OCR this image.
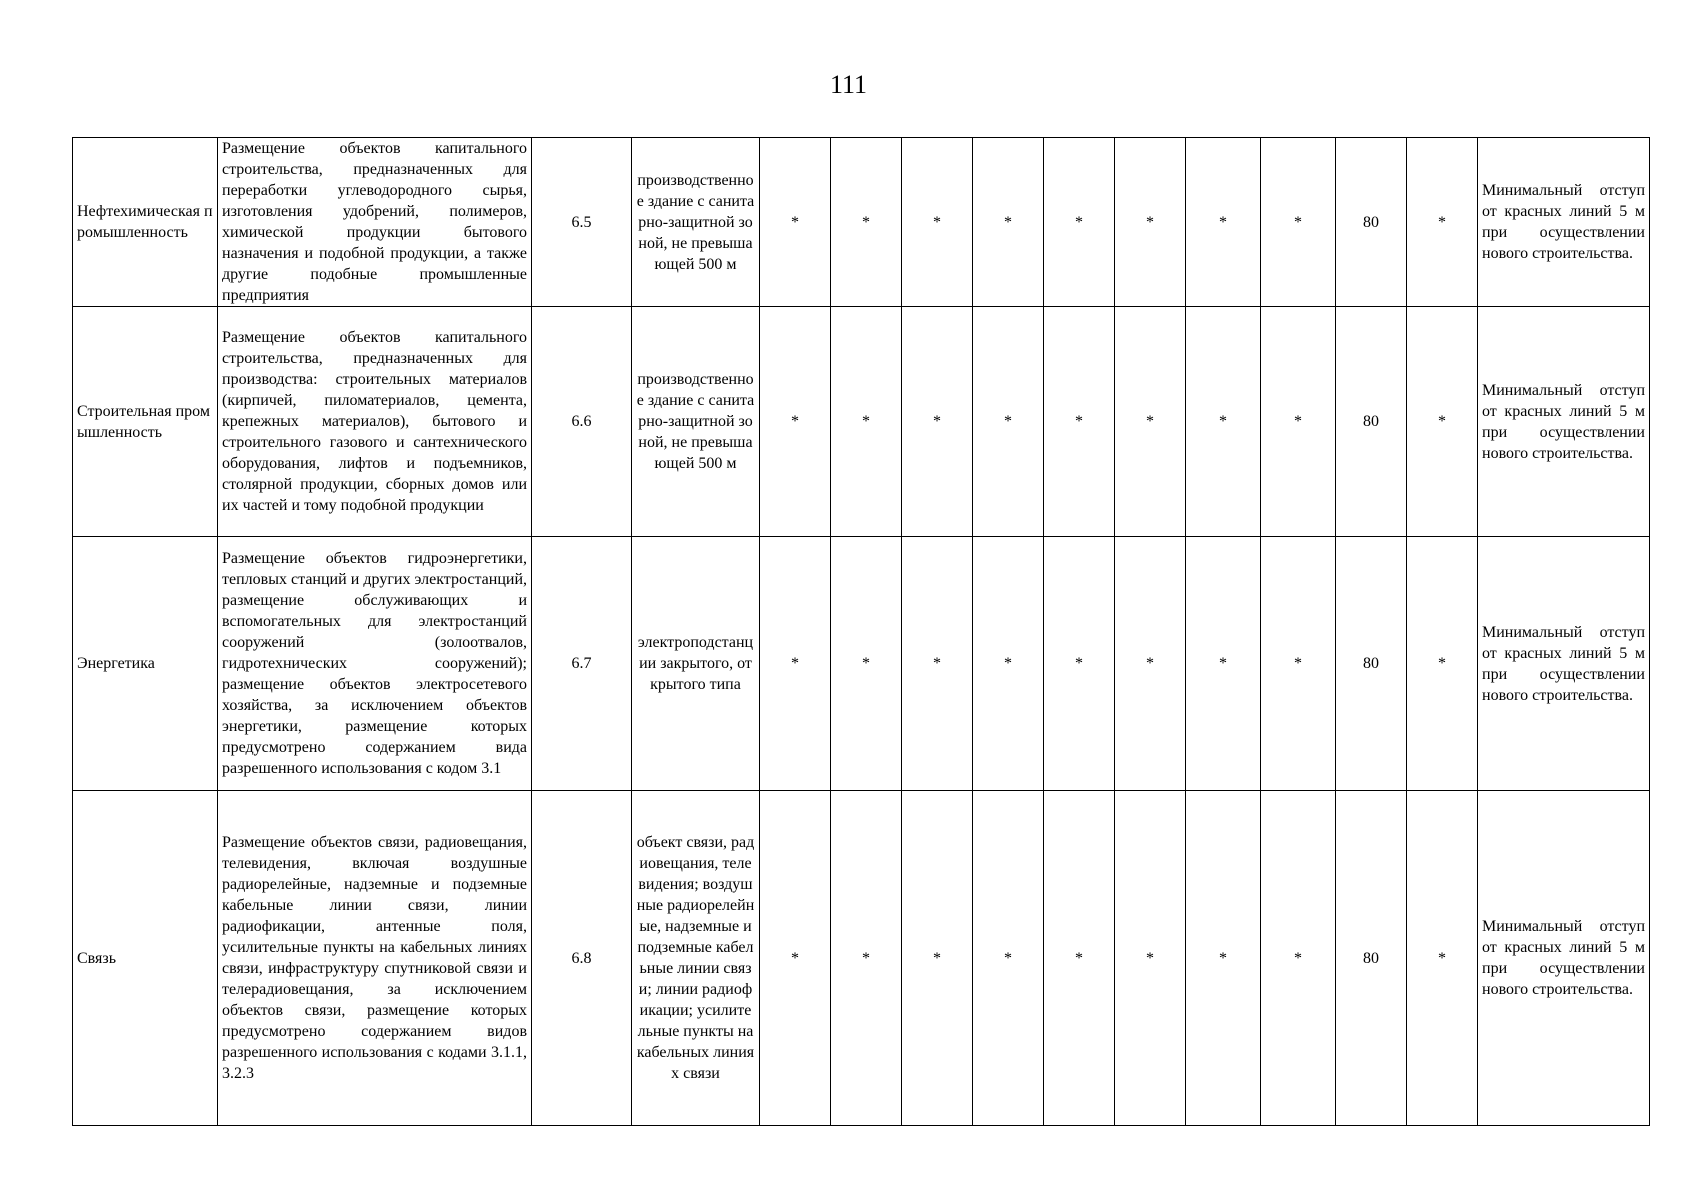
111
Нефтехимическая промышленность	Размещение объектов капитального строительства, предназначенных для переработки углеводородного сырья, изготовления удобрений, полимеров, химической продукции бытового назначения и подобной продукции, а также другие подобные промышленные предприятия	6.5	производственное здание с санитарно-защитной зоной, не превышающей 500 м	*	*	*	*	*	*	*	*	80	*	Минимальный отступ от красных линий 5 м при осуществлении нового строительства.
Строительная промышленность	Размещение объектов капитального строительства, предназначенных для производства: строительных материалов (кирпичей, пиломатериалов, цемента, крепежных материалов), бытового и строительного газового и сантехнического оборудования, лифтов и подъемников, столярной продукции, сборных домов или их частей и тому подобной продукции	6.6	производственное здание с санитарно-защитной зоной, не превышающей 500 м	*	*	*	*	*	*	*	*	80	*	Минимальный отступ от красных линий 5 м при осуществлении нового строительства.
Энергетика	Размещение объектов гидроэнергетики, тепловых станций и других электростанций, размещение обслуживающих и вспомогательных для электростанций сооружений (золоотвалов, гидротехнических сооружений); размещение объектов электросетевого хозяйства, за исключением объектов энергетики, размещение которых предусмотрено содержанием вида разрешенного использования с кодом 3.1	6.7	электроподстанции закрытого, открытого типа	*	*	*	*	*	*	*	*	80	*	Минимальный отступ от красных линий 5 м при осуществлении нового строительства.
Связь	Размещение объектов связи, радиовещания, телевидения, включая воздушные радиорелейные, надземные и подземные кабельные линии связи, линии радиофикации, антенные поля, усилительные пункты на кабельных линиях связи, инфраструктуру спутниковой связи и телерадиовещания, за исключением объектов связи, размещение которых предусмотрено содержанием видов разрешенного использования с кодами 3.1.1, 3.2.3	6.8	объект связи, радиовещания, телевидения; воздушные радиорелейные, надземные и подземные кабельные линии связи; линии радиофикации; усилительные пункты на кабельных линиях связи	*	*	*	*	*	*	*	*	80	*	Минимальный отступ от красных линий 5 м при осуществлении нового строительства.
